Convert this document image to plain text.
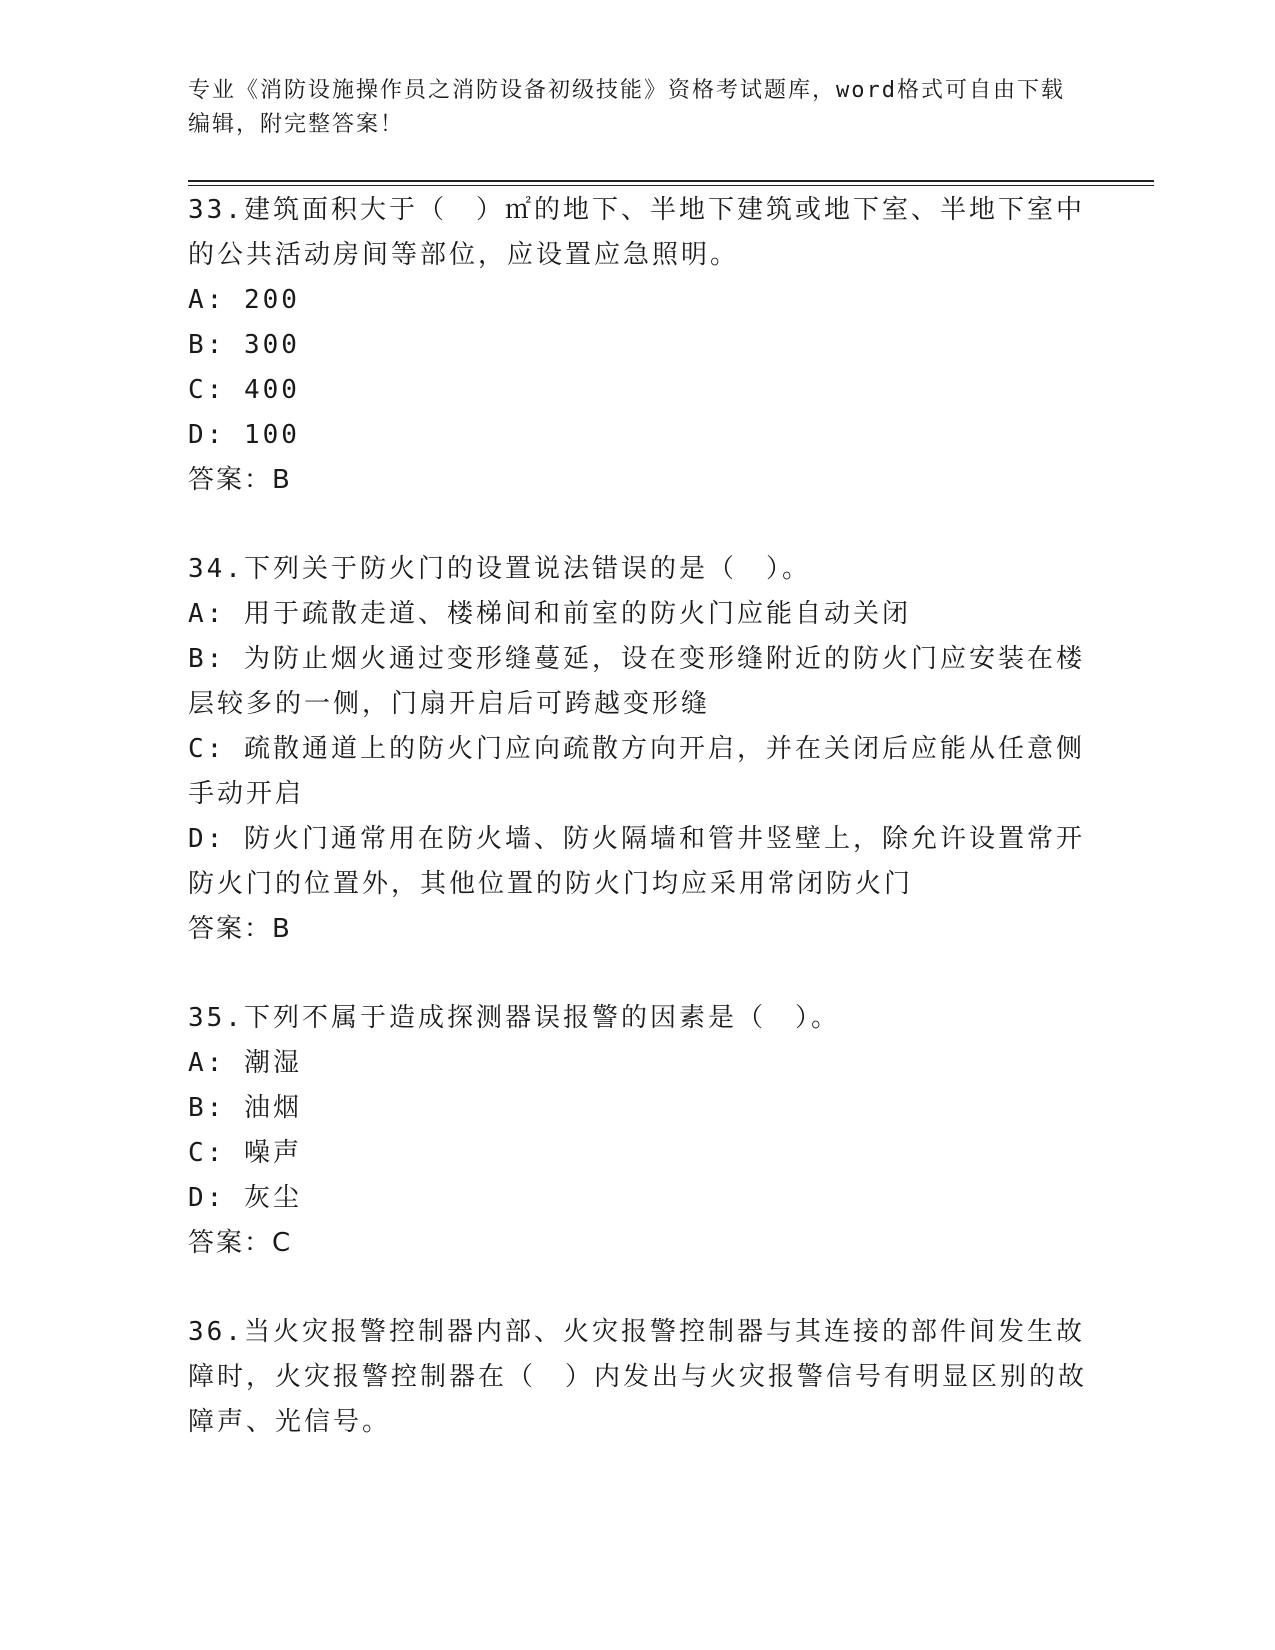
专业《消防设施操作员之消防设备初级技能》资格考试题库，word格式可自由下载编辑，附完整答案！

33.建筑面积大于（　）㎡的地下、半地下建筑或地下室、半地下室中的公共活动房间等部位，应设置应急照明。

A: 200

B: 300

C: 400

D: 100

答案：B

34.下列关于防火门的设置说法错误的是（　）。

A: 用于疏散走道、楼梯间和前室的防火门应能自动关闭

B: 为防止烟火通过变形缝蔓延，设在变形缝附近的防火门应安装在楼层较多的一侧，门扇开启后可跨越变形缝

C: 疏散通道上的防火门应向疏散方向开启，并在关闭后应能从任意侧手动开启

D: 防火门通常用在防火墙、防火隔墙和管井竖壁上，除允许设置常开防火门的位置外，其他位置的防火门均应采用常闭防火门

答案：B

35.下列不属于造成探测器误报警的因素是（　）。

A: 潮湿

B: 油烟

C: 噪声

D: 灰尘

答案：C

36.当火灾报警控制器内部、火灾报警控制器与其连接的部件间发生故障时，火灾报警控制器在（　）内发出与火灾报警信号有明显区别的故障声、光信号。
